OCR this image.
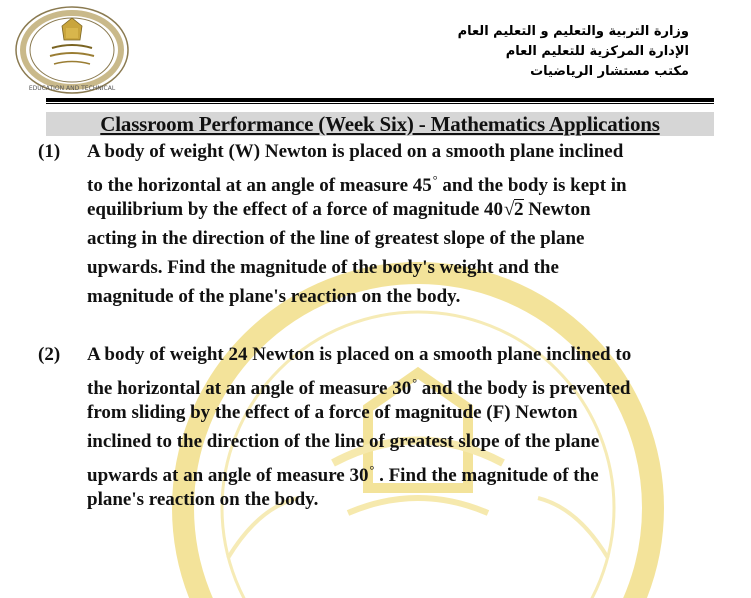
EDUCATION AND TECHNICAL
وزارة التربية والتعليم و التعليم العام
الإدارة المركزية للتعليم العام
مكتب مستشار الرياضيات
Classroom Performance (Week Six) - Mathematics Applications
(1) A body of weight (W) Newton is placed on a smooth plane inclined
to the horizontal at an angle of measure 45° and the body is kept in
equilibrium by the effect of a force of magnitude 40√ 2 Newton
acting in the direction of the line of greatest slope of the plane
upwards. Find the magnitude of the body's weight and the
magnitude of the plane's reaction on the body.
(2) A body of weight 24 Newton is placed on a smooth plane inclined to
the horizontal at an angle of measure 30° and the body is prevented
from sliding by the effect of a force of magnitude (F) Newton
inclined to the direction of the line of greatest slope of the plane
upwards at an angle of measure 30° . Find the magnitude of the
plane's reaction on the body.
